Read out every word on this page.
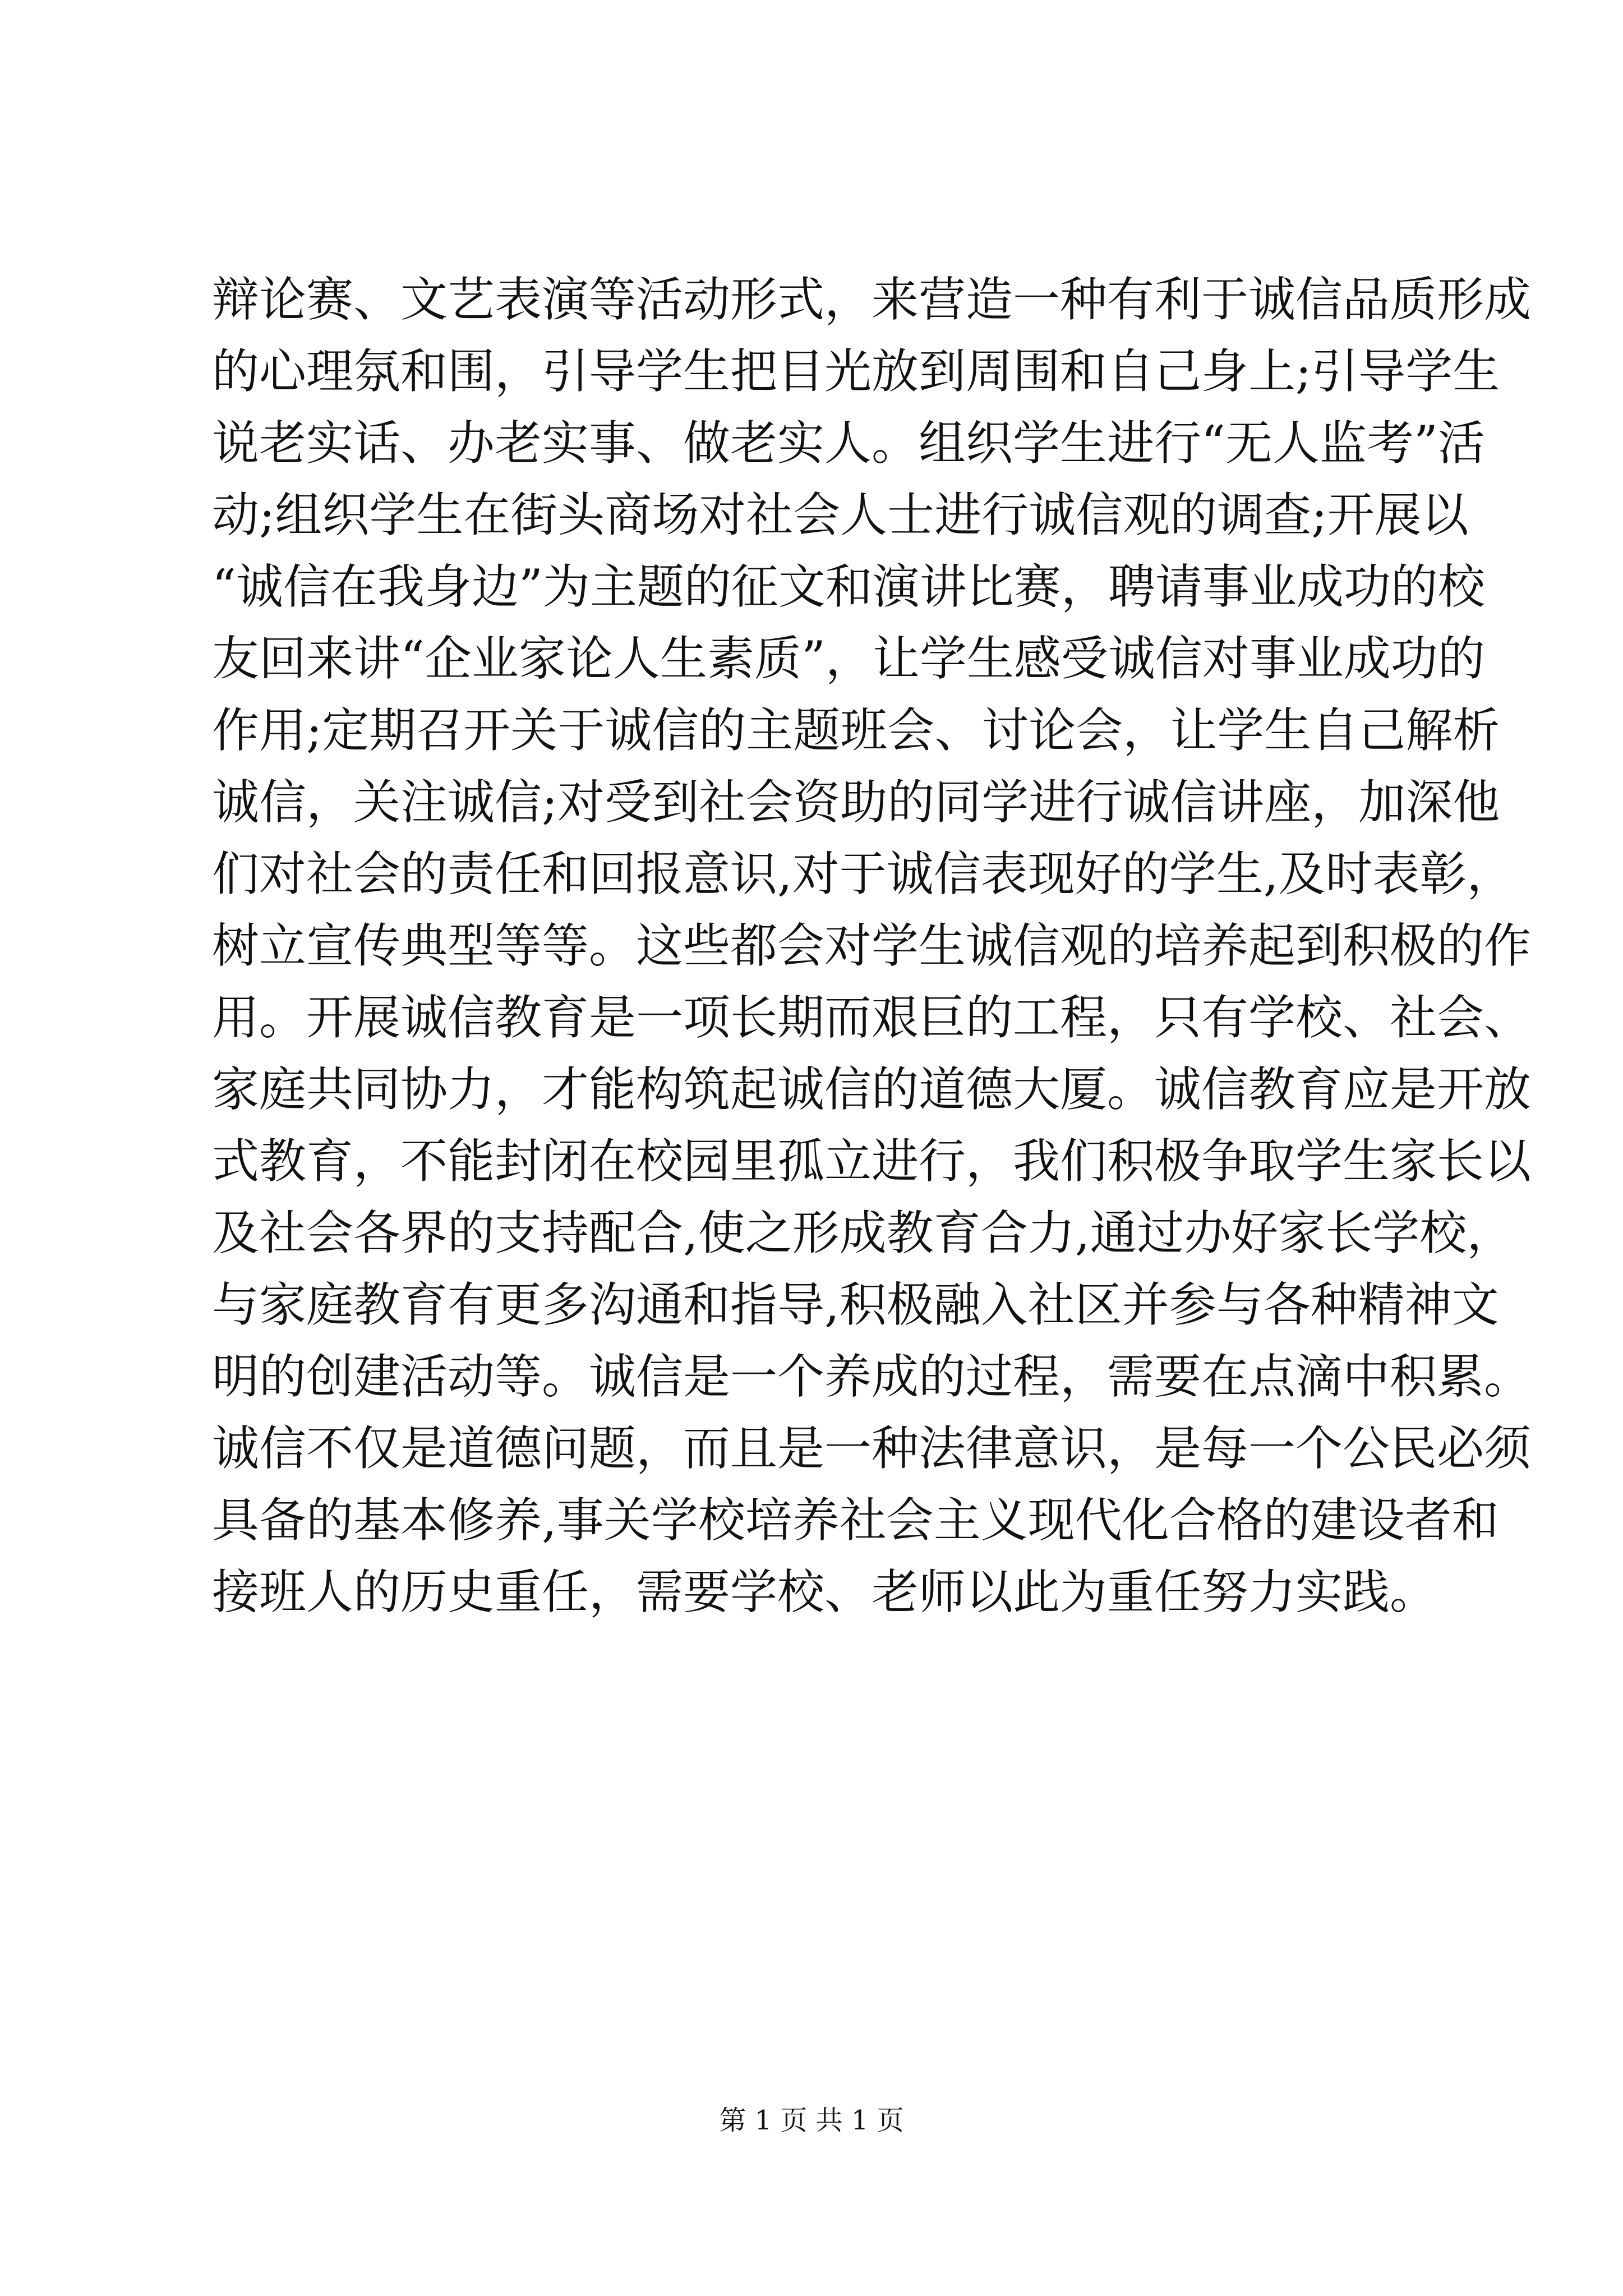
辩论赛、文艺表演等活动形式，来营造一种有利于诚信品质形成
的心理氛和围，引导学生把目光放到周围和自己身上;引导学生
说老实话、办老实事、做老实人。组织学生进行“无人监考”活
动;组织学生在街头商场对社会人士进行诚信观的调查;开展以
“诚信在我身边”为主题的征文和演讲比赛，聘请事业成功的校
友回来讲“企业家论人生素质”，让学生感受诚信对事业成功的
作用;定期召开关于诚信的主题班会、讨论会，让学生自己解析
诚信，关注诚信;对受到社会资助的同学进行诚信讲座，加深他
们对社会的责任和回报意识,对于诚信表现好的学生,及时表彰，
树立宣传典型等等。这些都会对学生诚信观的培养起到积极的作
用。开展诚信教育是一项长期而艰巨的工程，只有学校、社会、
家庭共同协力，才能构筑起诚信的道德大厦。诚信教育应是开放
式教育，不能封闭在校园里孤立进行，我们积极争取学生家长以
及社会各界的支持配合,使之形成教育合力,通过办好家长学校，
与家庭教育有更多沟通和指导,积极融入社区并参与各种精神文
明的创建活动等。诚信是一个养成的过程，需要在点滴中积累。
诚信不仅是道德问题，而且是一种法律意识，是每一个公民必须
具备的基本修养,事关学校培养社会主义现代化合格的建设者和
接班人的历史重任，需要学校、老师以此为重任努力实践。
第 1 页 共 1 页
